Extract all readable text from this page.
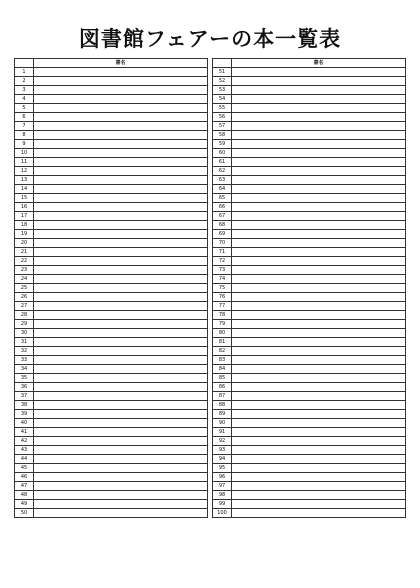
図書館フェアーの本一覧表
	書名
1	
2	
3	
4	
5	
6	
7	
8	
9	
10	
11	
12	
13	
14	
15	
16	
17	
18	
19	
20	
21	
22	
23	
24	
25	
26	
27	
28	
29	
30	
31	
32	
33	
34	
35	
36	
37	
38	
39	
40	
41	
42	
43	
44	
45	
46	
47	
48	
49	
50	
	書名
51	
52	
53	
54	
55	
56	
57	
58	
59	
60	
61	
62	
63	
64	
65	
66	
67	
68	
69	
70	
71	
72	
73	
74	
75	
76	
77	
78	
79	
80	
81	
82	
83	
84	
85	
86	
87	
88	
89	
90	
91	
92	
93	
94	
95	
96	
97	
98	
99	
100	
